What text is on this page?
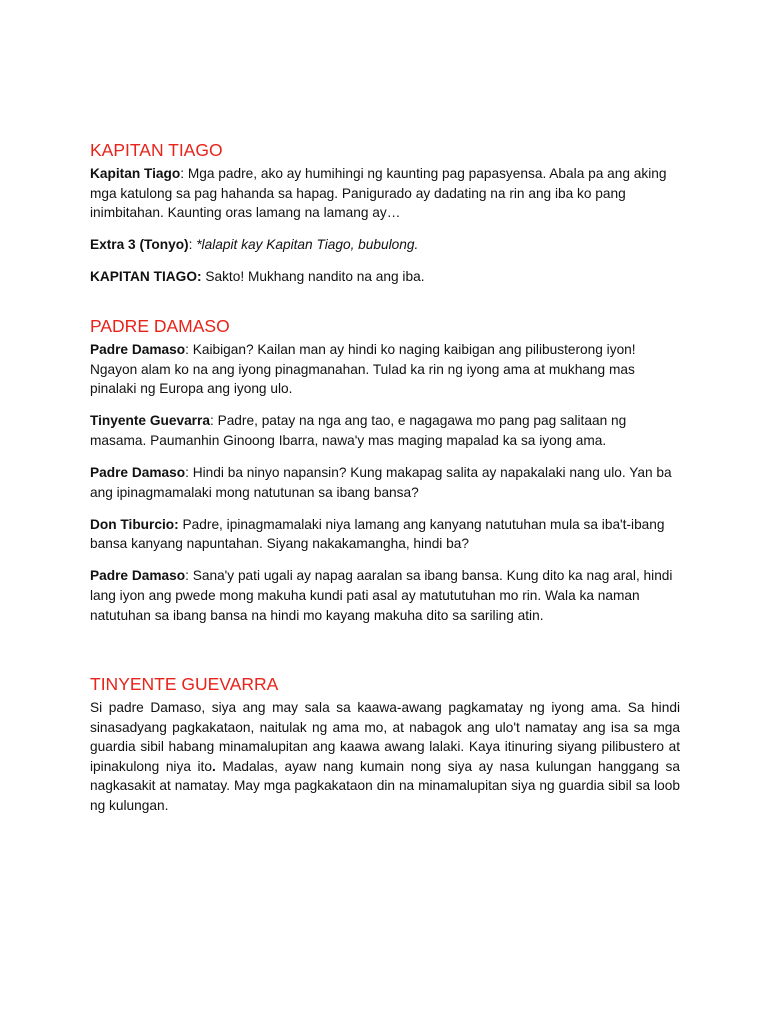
KAPITAN TIAGO

Kapitan Tiago: Mga padre, ako ay humihingi ng kaunting pag papasyensa. Abala pa ang aking mga katulong sa pag hahanda sa hapag. Panigurado ay dadating na rin ang iba ko pang inimbitahan. Kaunting oras lamang na lamang ay…

Extra 3 (Tonyo): *lalapit kay Kapitan Tiago, bubulong.

KAPITAN TIAGO: Sakto! Mukhang nandito na ang iba.

PADRE DAMASO

Padre Damaso: Kaibigan? Kailan man ay hindi ko naging kaibigan ang pilibusterong iyon! Ngayon alam ko na ang iyong pinagmanahan. Tulad ka rin ng iyong ama at mukhang mas pinalaki ng Europa ang iyong ulo.

Tinyente Guevarra: Padre, patay na nga ang tao, e nagagawa mo pang pag salitaan ng masama. Paumanhin Ginoong Ibarra, nawa'y mas maging mapalad ka sa iyong ama.

Padre Damaso: Hindi ba ninyo napansin? Kung makapag salita ay napakalaki nang ulo. Yan ba ang ipinagmamalaki mong natutunan sa ibang bansa?

Don Tiburcio: Padre, ipinagmamalaki niya lamang ang kanyang natutuhan mula sa iba't-ibang bansa kanyang napuntahan. Siyang nakakamangha, hindi ba?

Padre Damaso: Sana'y pati ugali ay napag aaralan sa ibang bansa. Kung dito ka nag aral, hindi lang iyon ang pwede mong makuha kundi pati asal ay matututuhan mo rin. Wala ka naman natutuhan sa ibang bansa na hindi mo kayang makuha dito sa sariling atin.

TINYENTE GUEVARRA

Si padre Damaso, siya ang may sala sa kaawa-awang pagkamatay ng iyong ama. Sa hindi sinasadyang pagkakataon, naitulak ng ama mo, at nabagok ang ulo't namatay ang isa sa mga guardia sibil habang minamalupitan ang kaawa awang lalaki. Kaya itinuring siyang pilibustero at ipinakulong niya ito. Madalas, ayaw nang kumain nong siya ay nasa kulungan hanggang sa nagkasakit at namatay. May mga pagkakataon din na minamalupitan siya ng guardia sibil sa loob ng kulungan.
